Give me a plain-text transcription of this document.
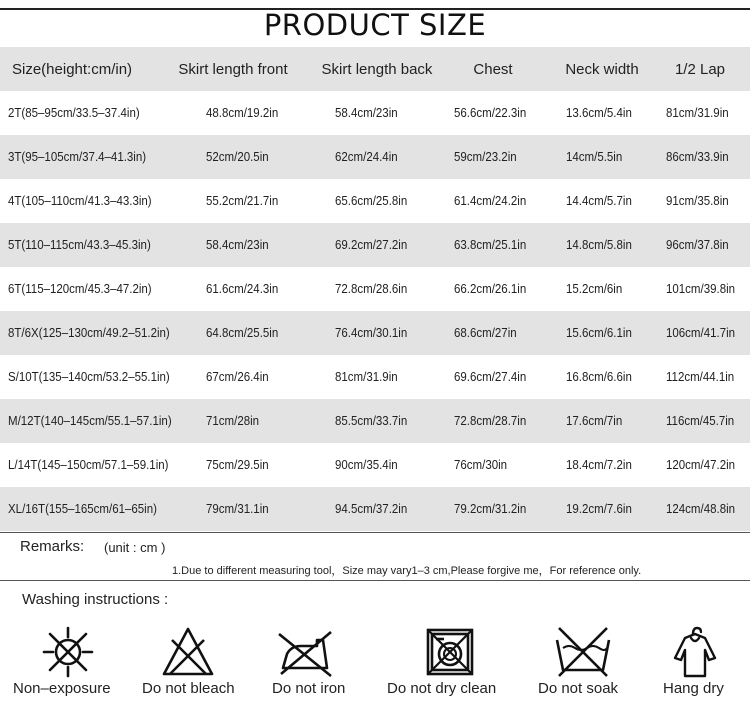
PRODUCT SIZE
Size(height:cm/in)	Skirt length front	Skirt length back	Chest	Neck width	1/2 Lap
2T(85–95cm/33.5–37.4in)	48.8cm/19.2in	58.4cm/23in	56.6cm/22.3in	13.6cm/5.4in	81cm/31.9in
3T(95–105cm/37.4–41.3in)	52cm/20.5in	62cm/24.4in	59cm/23.2in	14cm/5.5in	86cm/33.9in
4T(105–110cm/41.3–43.3in)	55.2cm/21.7in	65.6cm/25.8in	61.4cm/24.2in	14.4cm/5.7in	91cm/35.8in
5T(110–115cm/43.3–45.3in)	58.4cm/23in	69.2cm/27.2in	63.8cm/25.1in	14.8cm/5.8in	96cm/37.8in
6T(115–120cm/45.3–47.2in)	61.6cm/24.3in	72.8cm/28.6in	66.2cm/26.1in	15.2cm/6in	101cm/39.8in
8T/6X(125–130cm/49.2–51.2in)	64.8cm/25.5in	76.4cm/30.1in	68.6cm/27in	15.6cm/6.1in	106cm/41.7in
S/10T(135–140cm/53.2–55.1in)	67cm/26.4in	81cm/31.9in	69.6cm/27.4in	16.8cm/6.6in	112cm/44.1in
M/12T(140–145cm/55.1–57.1in)	71cm/28in	85.5cm/33.7in	72.8cm/28.7in	17.6cm/7in	116cm/45.7in
L/14T(145–150cm/57.1–59.1in)	75cm/29.5in	90cm/35.4in	76cm/30in	18.4cm/7.2in	120cm/47.2in
XL/16T(155–165cm/61–65in)	79cm/31.1in	94.5cm/37.2in	79.2cm/31.2in	19.2cm/7.6in	124cm/48.8in
Remarks: (unit : cm )
1.Due to different measuring tool，Size may vary1–3 cm,Please forgive me，For reference only.
Washing instructions :
Non–exposure Do not bleach Do not iron	Do not dry clean	Do not soak	Hang dry
